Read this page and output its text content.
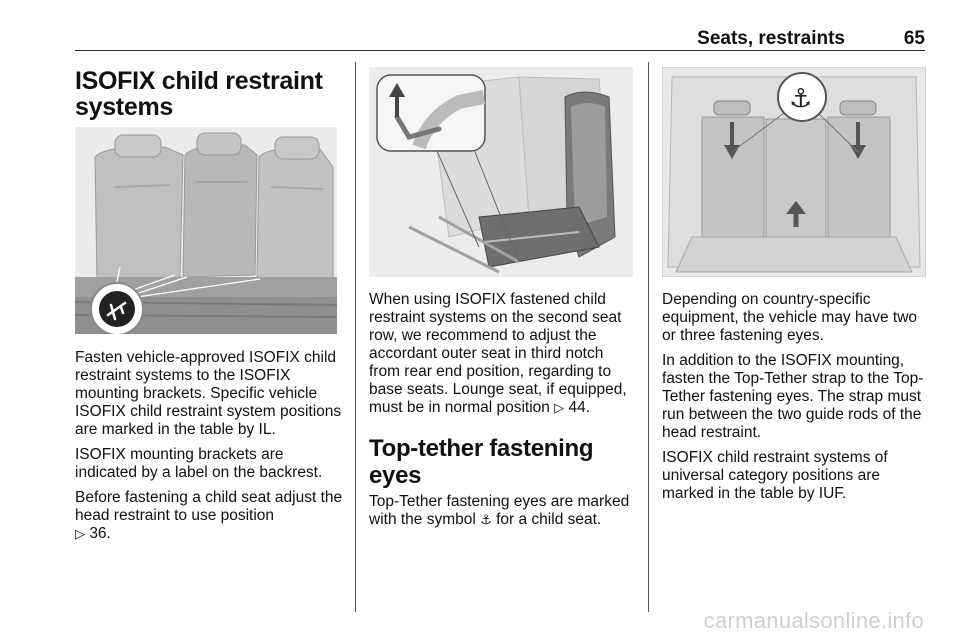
Seats, restraints	65
ISOFIX child restraint systems

Fasten vehicle-approved ISOFIX child restraint systems to the ISOFIX mounting brackets. Specific vehicle ISOFIX child restraint system positions are marked in the table by IL.

ISOFIX mounting brackets are indicated by a label on the backrest.

Before fastening a child seat adjust the head restraint to use position
▷ 36.

When using ISOFIX fastened child restraint systems on the second seat row, we recommend to adjust the accordant outer seat in third notch from rear end position, regarding to base seats. Lounge seat, if equipped, must be in normal position ▷ 44.

Top-tether fastening eyes

Top-Tether fastening eyes are marked with the symbol ⚓ for a child seat.

⚓

Depending on country-specific equipment, the vehicle may have two or three fastening eyes.

In addition to the ISOFIX mounting, fasten the Top-Tether strap to the Top-Tether fastening eyes. The strap must run between the two guide rods of the head restraint.

ISOFIX child restraint systems of universal category positions are marked in the table by IUF.

carmanualsonline.info
